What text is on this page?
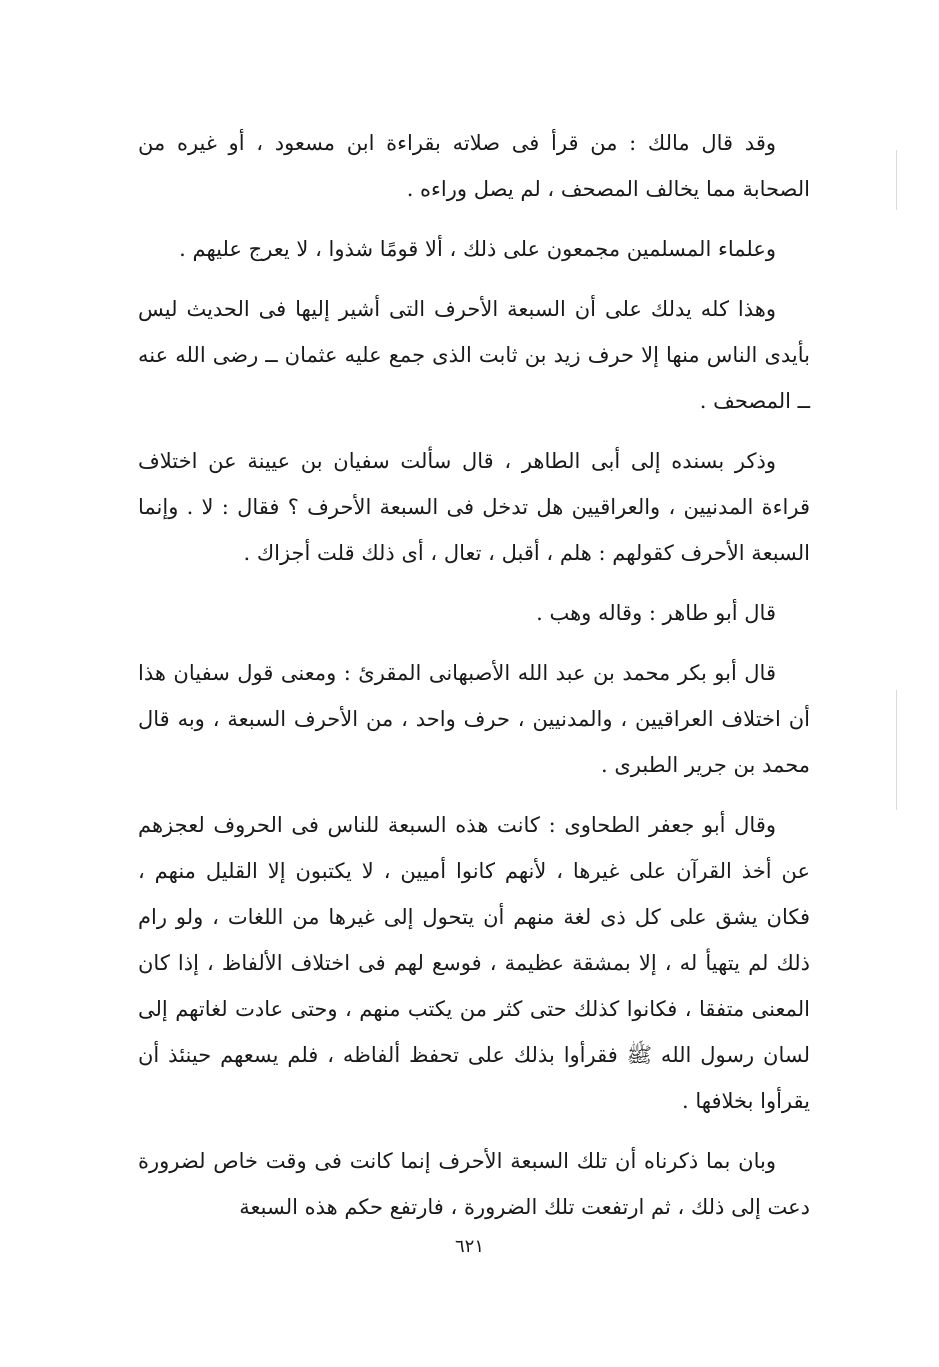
وقد قال مالك : من قرأ فى صلاته بقراءة ابن مسعود ، أو غيره من الصحابة مما يخالف المصحف ، لم يصل وراءه .

وعلماء المسلمين مجمعون على ذلك ، ألا قومًا شذوا ، لا يعرج عليهم .

وهذا كله يدلك على أن السبعة الأحرف التى أشير إليها فى الحديث ليس بأيدى الناس منها إلا حرف زيد بن ثابت الذى جمع عليه عثمان ــ رضى الله عنه ــ المصحف .

وذكر بسنده إلى أبى الطاهر ، قال سألت سفيان بن عيينة عن اختلاف قراءة المدنيين ، والعراقيين هل تدخل فى السبعة الأحرف ؟ فقال : لا . وإنما السبعة الأحرف كقولهم : هلم ، أقبل ، تعال ، أى ذلك قلت أجزاك .

قال أبو طاهر : وقاله وهب .

قال أبو بكر محمد بن عبد الله الأصبهانى المقرئ : ومعنى قول سفيان هذا أن اختلاف العراقيين ، والمدنيين ، حرف واحد ، من الأحرف السبعة ، وبه قال محمد بن جرير الطبرى .

وقال أبو جعفر الطحاوى : كانت هذه السبعة للناس فى الحروف لعجزهم عن أخذ القرآن على غيرها ، لأنهم كانوا أميين ، لا يكتبون إلا القليل منهم ، فكان يشق على كل ذى لغة منهم أن يتحول إلى غيرها من اللغات ، ولو رام ذلك لم يتهيأ له ، إلا بمشقة عظيمة ، فوسع لهم فى اختلاف الألفاظ ، إذا كان المعنى متفقا ، فكانوا كذلك حتى كثر من يكتب منهم ، وحتى عادت لغاتهم إلى لسان رسول الله ﷺ فقرأوا بذلك على تحفظ ألفاظه ، فلم يسعهم حينئذ أن يقرأوا بخلافها .

وبان بما ذكرناه أن تلك السبعة الأحرف إنما كانت فى وقت خاص لضرورة دعت إلى ذلك ، ثم ارتفعت تلك الضرورة ، فارتفع حكم هذه السبعة

٦٢١
